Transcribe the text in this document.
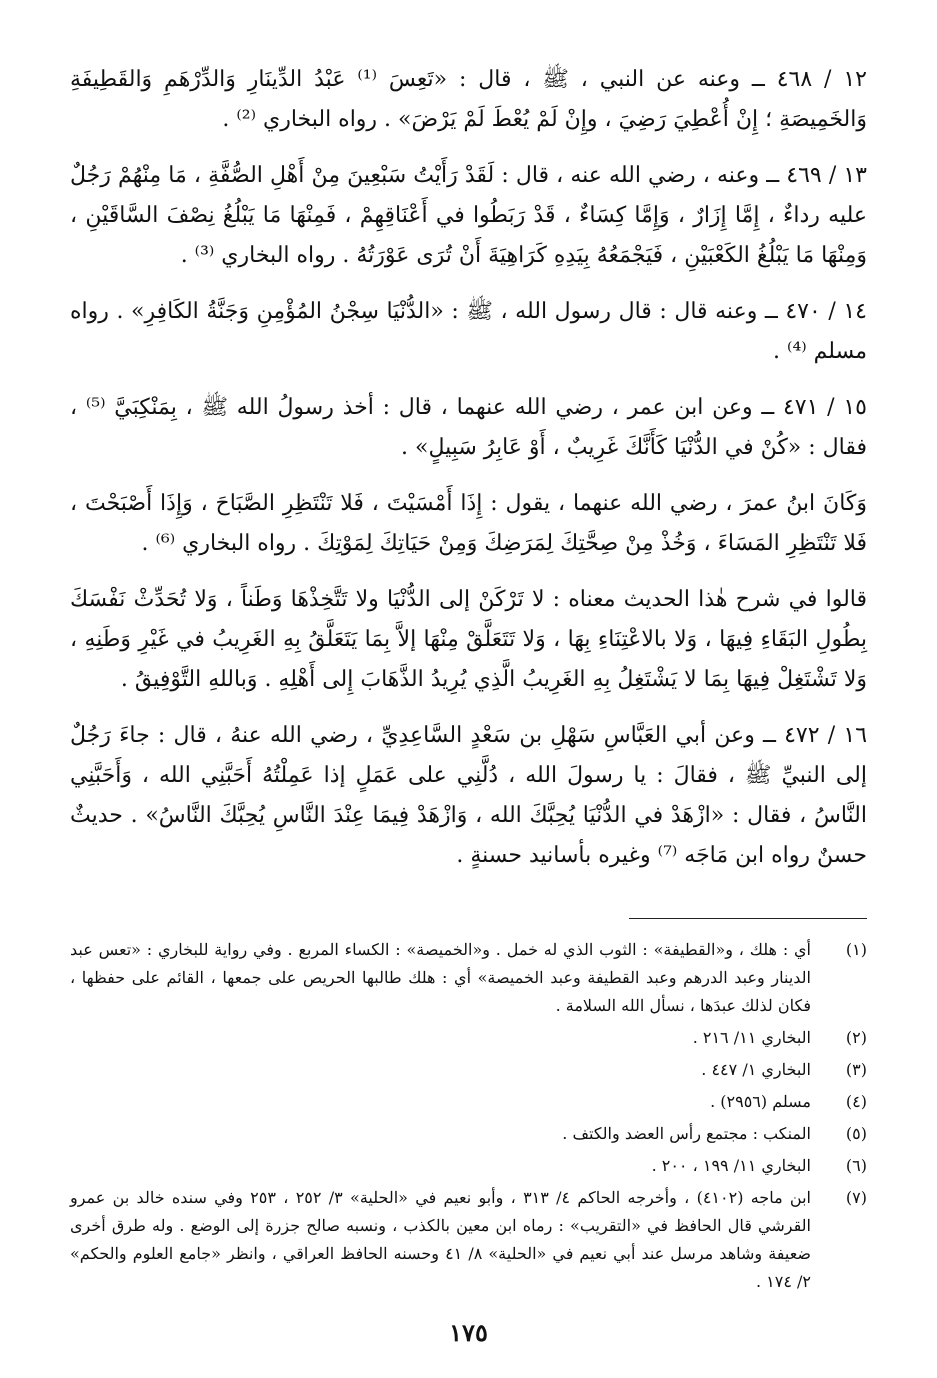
١٢ / ٤٦٨ ــ وعنه عن النبي ، ﷺ ، قال : «تَعِسَ ⁽¹⁾ عَبْدُ الدِّينَارِ وَالدِّرْهَمِ وَالقَطِيفَةِ وَالخَمِيصَةِ ؛ إِنْ أُعْطِيَ رَضِيَ ، وإِنْ لَمْ يُعْطَ لَمْ يَرْضَ» . رواه البخاري ⁽²⁾ .

١٣ / ٤٦٩ ــ وعنه ، رضي الله عنه ، قال : لَقَدْ رَأَيْتُ سَبْعِينَ مِنْ أَهْلِ الصُّفَّةِ ، مَا مِنْهُمْ رَجُلٌ عليه رداءٌ ، إِمَّا إِزَارٌ ، وَإِمَّا كِسَاءٌ ، قَدْ رَبَطُوا في أَعْنَاقِهِمْ ، فَمِنْهَا مَا يَبْلُغُ نِصْفَ السَّاقَيْنِ ، وَمِنْهَا مَا يَبْلُغُ الكَعْبَيْنِ ، فَيَجْمَعُهُ بِيَدِهِ كَرَاهِيَةَ أَنْ تُرَى عَوْرَتُهُ . رواه البخاري ⁽³⁾ .

١٤ / ٤٧٠ ــ وعنه قال : قال رسول الله ، ﷺ : «الدُّنْيَا سِجْنُ المُؤْمِنِ وَجَنَّةُ الكَافِرِ» . رواه مسلم ⁽⁴⁾ .

١٥ / ٤٧١ ــ وعن ابن عمر ، رضي الله عنهما ، قال : أخذ رسولُ الله ﷺ ، بِمَنْكِبَيَّ ⁽⁵⁾ ، فقال : «كُنْ في الدُّنْيَا كَأَنَّكَ غَرِيبٌ ، أَوْ عَابِرُ سَبِيلٍ» .

وَكَانَ ابنُ عمرَ ، رضي الله عنهما ، يقول : إِذَا أَمْسَيْتَ ، فَلا تَنْتَظِرِ الصَّبَاحَ ، وَإِذَا أَصْبَحْتَ ، فَلا تَنْتَظِرِ المَسَاءَ ، وَخُذْ مِنْ صِحَّتِكَ لِمَرَضِكَ وَمِنْ حَيَاتِكَ لِمَوْتِكَ . رواه البخاري ⁽⁶⁾ .

قالوا في شرح هٰذا الحديث معناه : لا تَرْكَنْ إلى الدُّنْيَا ولا تَتَّخِذْهَا وَطَناً ، وَلا تُحَدِّثْ نَفْسَكَ بِطُولِ البَقَاءِ فِيهَا ، وَلا بالاعْتِنَاءِ بِهَا ، وَلا تَتَعَلَّقْ مِنْهَا إلاَّ بِمَا يَتَعَلَّقُ بِهِ الغَرِيبُ في غَيْرِ وَطَنِهِ ، وَلا تَشْتَغِلْ فِيهَا بِمَا لا يَشْتَغِلُ بِهِ الغَرِيبُ الَّذِي يُرِيدُ الذَّهَابَ إِلى أَهْلِهِ . وَباللهِ التَّوْفِيقُ .

١٦ / ٤٧٢ ــ وعن أبي العَبَّاسِ سَهْلِ بن سَعْدٍ السَّاعِدِيِّ ، رضي الله عنهُ ، قال : جاءَ رَجُلٌ إلى النبيِّ ﷺ ، فقالَ : يا رسولَ الله ، دُلَّنِي على عَمَلٍ إذا عَمِلْتُهُ أَحَبَّنِي الله ، وَأَحَبَّنِي النَّاسُ ، فقال : «ازْهَدْ في الدُّنْيَا يُحِبَّكَ الله ، وَازْهَدْ فِيمَا عِنْدَ النَّاسِ يُحِبَّكَ النَّاسُ» . حديثٌ حسنٌ رواه ابن مَاجَه ⁽⁷⁾ وغيره بأسانيد حسنةٍ .

(١)
أي : هلك ، و«القطيفة» : الثوب الذي له خمل . و«الخميصة» : الكساء المربع . وفي رواية للبخاري : «تعس عبد الدينار وعبد الدرهم وعبد القطيفة وعبد الخميصة» أي : هلك طالبها الحريص على جمعها ، القائم على حفظها ، فكان لذلك عبدَها ، نسأل الله السلامة .
(٢)
البخاري ١١/ ٢١٦ .
(٣)
البخاري ١/ ٤٤٧ .
(٤)
مسلم (٢٩٥٦) .
(٥)
المنكب : مجتمع رأس العضد والكتف .
(٦)
البخاري ١١/ ١٩٩ ، ٢٠٠ .
(٧)
ابن ماجه (٤١٠٢) ، وأخرجه الحاكم ٤/ ٣١٣ ، وأبو نعيم في «الحلية» ٣/ ٢٥٢ ، ٢٥٣ وفي سنده خالد بن عمرو القرشي قال الحافظ في «التقريب» : رماه ابن معين بالكذب ، ونسبه صالح جزرة إلى الوضع . وله طرق أخرى ضعيفة وشاهد مرسل عند أبي نعيم في «الحلية» ٨/ ٤١ وحسنه الحافظ العراقي ، وانظر «جامع العلوم والحكم» ٢/ ١٧٤ .
١٧٥
